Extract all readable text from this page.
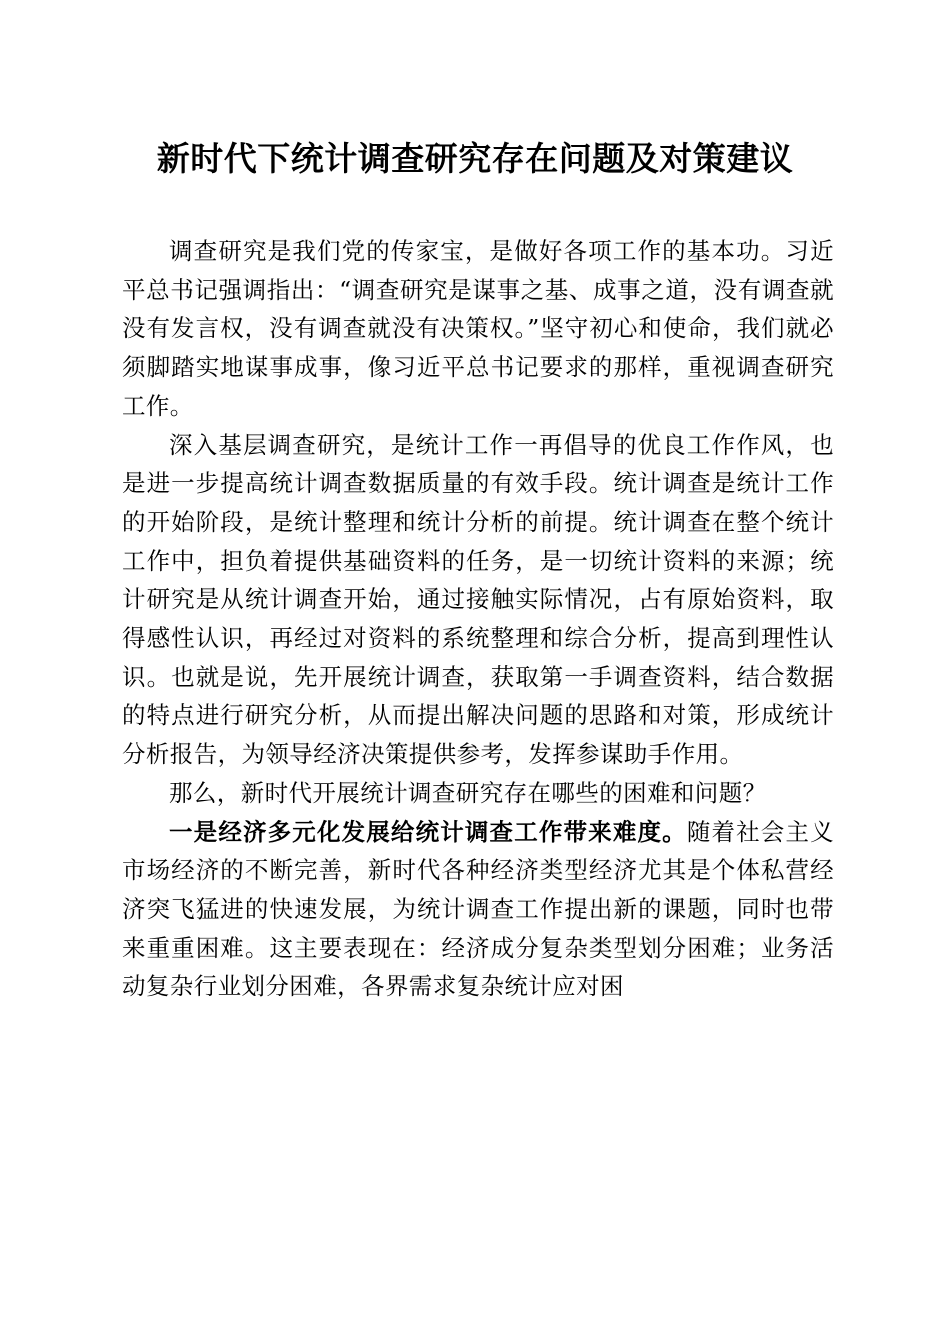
新时代下统计调查研究存在问题及对策建议

调查研究是我们党的传家宝，是做好各项工作的基本功。习近平总书记强调指出：“调查研究是谋事之基、成事之道，没有调查就没有发言权，没有调查就没有决策权。”坚守初心和使命，我们就必须脚踏实地谋事成事，像习近平总书记要求的那样，重视调查研究工作。

深入基层调查研究，是统计工作一再倡导的优良工作作风，也是进一步提高统计调查数据质量的有效手段。统计调查是统计工作的开始阶段，是统计整理和统计分析的前提。统计调查在整个统计工作中，担负着提供基础资料的任务，是一切统计资料的来源；统计研究是从统计调查开始，通过接触实际情况，占有原始资料，取得感性认识，再经过对资料的系统整理和综合分析，提高到理性认识。也就是说，先开展统计调查，获取第一手调查资料，结合数据的特点进行研究分析，从而提出解决问题的思路和对策，形成统计分析报告，为领导经济决策提供参考，发挥参谋助手作用。

那么，新时代开展统计调查研究存在哪些的困难和问题？

一是经济多元化发展给统计调查工作带来难度。随着社会主义市场经济的不断完善，新时代各种经济类型经济尤其是个体私营经济突飞猛进的快速发展，为统计调查工作提出新的课题，同时也带来重重困难。这主要表现在：经济成分复杂类型划分困难；业务活动复杂行业划分困难，各界需求复杂统计应对困
